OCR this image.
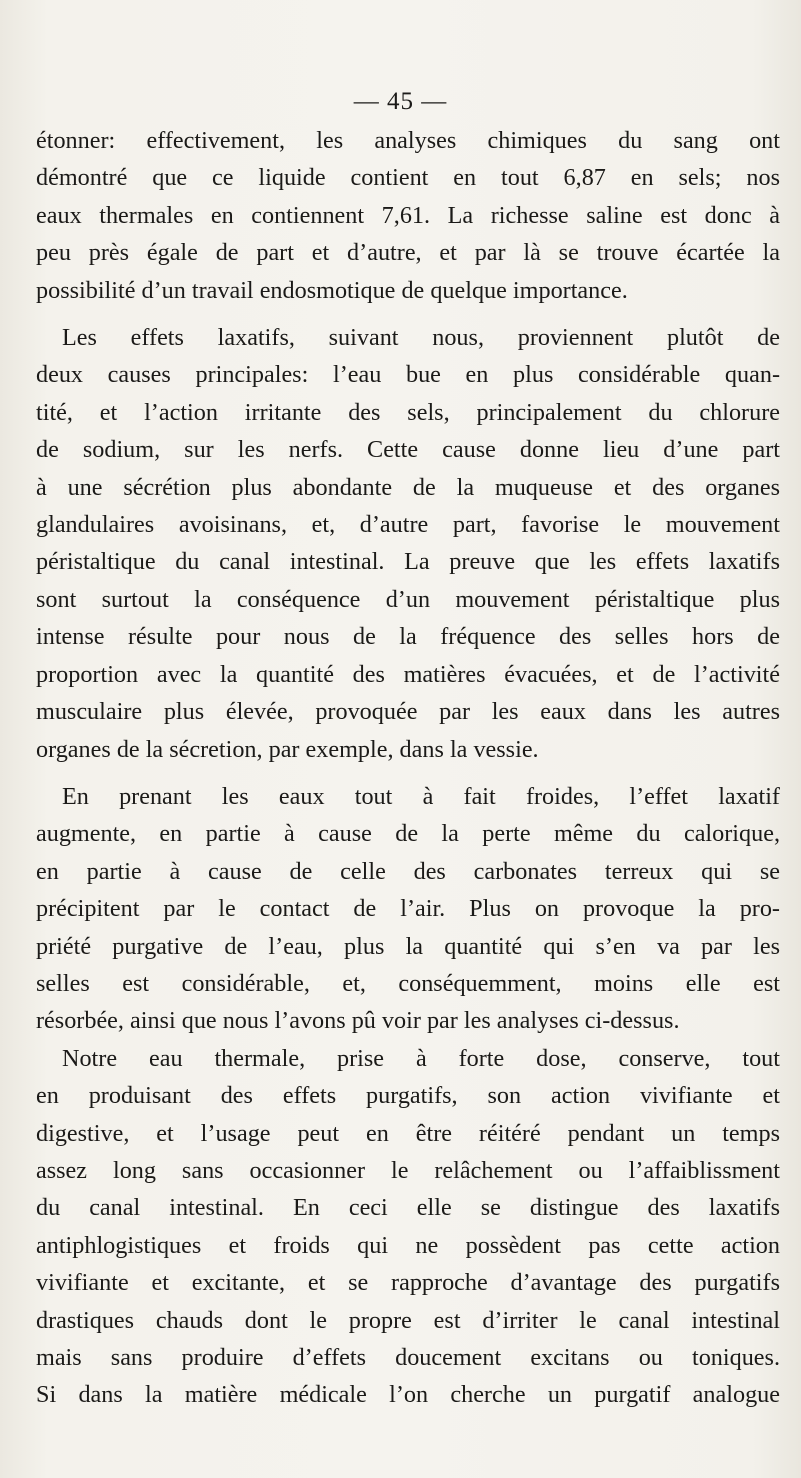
— 45 —

étonner: effectivement, les analyses chimiques du sang ont
démontré que ce liquide contient en tout 6,87 en sels; nos
eaux thermales en contiennent 7,61. La richesse saline est donc à
peu près égale de part et d’autre, et par là se trouve écartée la
possibilité d’un travail endosmotique de quelque importance.

Les effets laxatifs, suivant nous, proviennent plutôt de
deux causes principales: l’eau bue en plus considérable quan-
tité, et l’action irritante des sels, principalement du chlorure
de sodium, sur les nerfs. Cette cause donne lieu d’une part
à une sécrétion plus abondante de la muqueuse et des organes
glandulaires avoisinans, et, d’autre part, favorise le mouvement
péristaltique du canal intestinal. La preuve que les effets laxatifs
sont surtout la conséquence d’un mouvement péristaltique plus
intense résulte pour nous de la fréquence des selles hors de
proportion avec la quantité des matières évacuées, et de l’activité
musculaire plus élevée, provoquée par les eaux dans les autres
organes de la sécretion, par exemple, dans la vessie.

En prenant les eaux tout à fait froides, l’effet laxatif
augmente, en partie à cause de la perte même du calorique,
en partie à cause de celle des carbonates terreux qui se
précipitent par le contact de l’air. Plus on provoque la pro-
priété purgative de l’eau, plus la quantité qui s’en va par les
selles est considérable, et, conséquemment, moins elle est
résorbée, ainsi que nous l’avons pû voir par les analyses ci-dessus.

Notre eau thermale, prise à forte dose, conserve, tout
en produisant des effets purgatifs, son action vivifiante et
digestive, et l’usage peut en être réitéré pendant un temps
assez long sans occasionner le relâchement ou l’affaiblissment
du canal intestinal. En ceci elle se distingue des laxatifs
antiphlogistiques et froids qui ne possèdent pas cette action
vivifiante et excitante, et se rapproche d’avantage des purgatifs
drastiques chauds dont le propre est d’irriter le canal intestinal
mais sans produire d’effets doucement excitans ou toniques.
Si dans la matière médicale l’on cherche un purgatif analogue
